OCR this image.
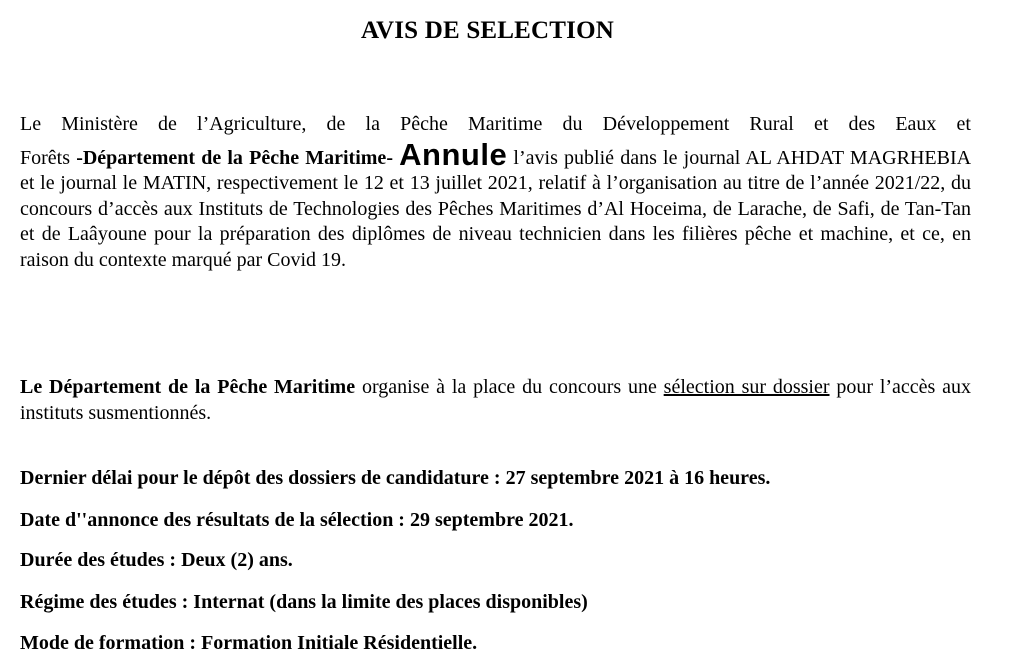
AVIS DE SELECTION

Le Ministère de l’Agriculture, de la Pêche Maritime du Développement Rural et des Eaux et
Forêts -Département de la Pêche Maritime- Annule l’avis publié dans le journal AL AHDAT MAGRHEBIA et le journal le MATIN, respectivement le 12 et 13 juillet 2021, relatif à l’organisation au titre de l’année 2021/22, du concours d’accès aux Instituts de Technologies des Pêches Maritimes d’Al Hoceima, de Larache, de Safi, de Tan-Tan et de Laâyoune pour la préparation des diplômes de niveau technicien dans les filières pêche et machine, et ce, en raison du contexte marqué par Covid 19.

Le Département de la Pêche Maritime organise à la place du concours une sélection sur dossier pour l’accès aux instituts susmentionnés.

Dernier délai pour le dépôt des dossiers de candidature : 27 septembre 2021 à 16 heures.
Date d''annonce des résultats de la sélection : 29 septembre 2021.
Durée des études : Deux (2) ans.
Régime des études : Internat (dans la limite des places disponibles)
Mode de formation : Formation Initiale Résidentielle.
